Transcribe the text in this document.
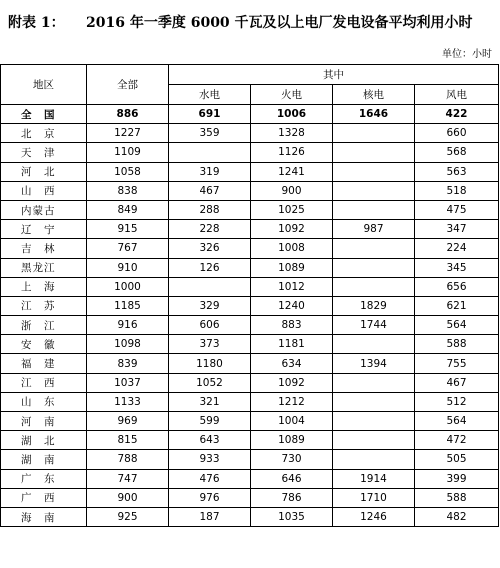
附表 1： 2016 年一季度 6000 千瓦及以上电厂发电设备平均利用小时
单位：小时
地区	全部	其中			
		水电	火电	核电	风电
全　国	886	691	1006	1646	422
北　京	1227	359	1328		660
天　津	1109		1126		568
河　北	1058	319	1241		563
山　西	838	467	900		518
内蒙古	849	288	1025		475
辽　宁	915	228	1092	987	347
吉　林	767	326	1008		224
黑龙江	910	126	1089		345
上　海	1000		1012		656
江　苏	1185	329	1240	1829	621
浙　江	916	606	883	1744	564
安　徽	1098	373	1181		588
福　建	839	1180	634	1394	755
江　西	1037	1052	1092		467
山　东	1133	321	1212		512
河　南	969	599	1004		564
湖　北	815	643	1089		472
湖　南	788	933	730		505
广　东	747	476	646	1914	399
广　西	900	976	786	1710	588
海　南	925	187	1035	1246	482
